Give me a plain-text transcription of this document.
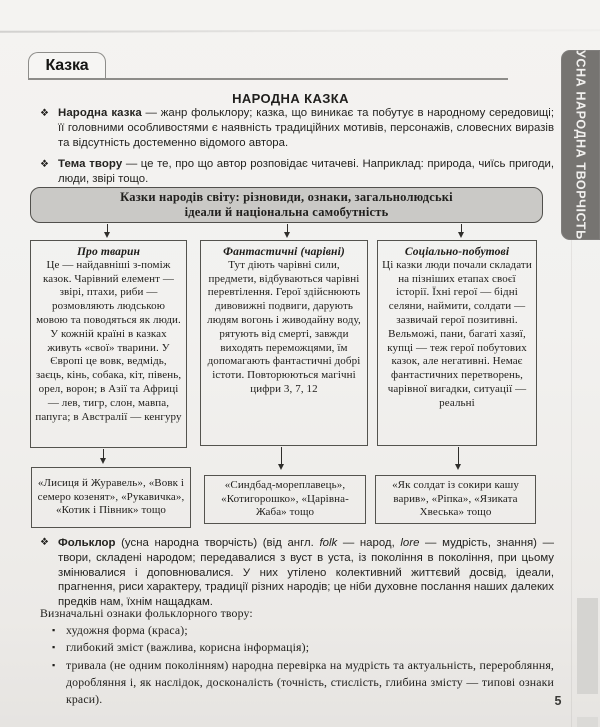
Казка	УСНА НАРОДНА ТВОРЧІСТЬ
НАРОДНА КАЗКА
❖ Народна казка — жанр фольклору; казка, що виникає та побутує в народному середовищі; її головними особливостями є наявність традиційних мотивів, персонажів, словесних виразів та відсутність достеменно відомого автора.
❖ Тема твору — це те, про що автор розповідає читачеві. Наприклад: природа, чиїсь пригоди, люди, звірі тощо.
Казки народів світу: різновиди, ознаки, загальнолюдські
ідеали й національна самобутність
Про тварин
Це — найдавніші з-поміж казок. Чарівний елемент — звірі, птахи, риби — розмовляють людською мовою та поводяться як люди. У кожній країні в казках живуть «свої» тварини. У Європі це вовк, ведмідь, заєць, кінь, собака, кіт, півень, орел, ворон; в Азії та Африці — лев, тигр, слон, мавпа, папуга; в Австралії — кенгуру
Фантастичні (чарівні)
Тут діють чарівні сили, предмети, відбуваються чарівні перевтілення. Герої здійснюють дивовижні подвиги, дарують людям вогонь і живодайну воду, рятують від смерті, завжди виходять переможцями, їм допомагають фантастичні добрі істоти. Повторюються магічні цифри 3, 7, 12
Соціально-побутові
Ці казки люди почали складати на пізніших етапах своєї історії. Їхні герої — бідні селяни, наймити, солдати — зазвичай герої позитивні. Вельможі, пани, багаті хазяї, купці — теж герої побутових казок, але негативні. Немає фантастичних перетворень, чарівної вигадки, ситуації — реальні
«Лисиця й Журавель», «Вовк і семеро козенят», «Рукавичка», «Котик і Півник» тощо
«Синдбад-мореплавець», «Котигорошко», «Царівна-Жаба» тощо
«Як солдат із сокири кашу варив», «Ріпка», «Язиката Хвеська» тощо
❖ Фольклор (усна народна творчість) (від англ. folk — народ, lore — мудрість, знання) — твори, складені народом; передавалися з вуст в уста, із покоління в покоління, при цьому змінювалися і доповнювалися. У них утілено колективний життєвий досвід, ідеали, прагнення, риси характеру, традиції різних народів; це ніби духовне послання наших далеких предків нам, їхнім нащадкам.
Визначальні ознаки фольклорного твору:
▪ художня форма (краса);
▪ глибокий зміст (важлива, корисна інформація);
▪ тривала (не одним поколінням) народна перевірка на мудрість та актуальність, переробляння, доробляння і, як наслідок, досконалість (точність, стислість, глибина змісту — типові ознаки краси).	5
